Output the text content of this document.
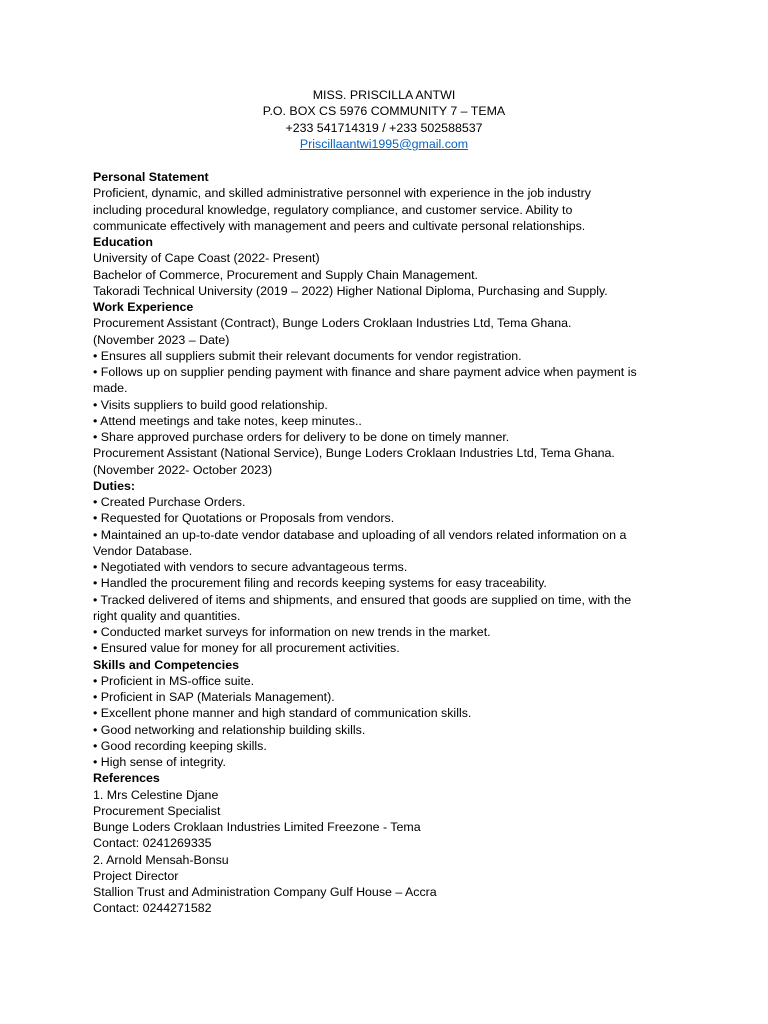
MISS. PRISCILLA ANTWI
P.O. BOX CS 5976 COMMUNITY 7 – TEMA
+233 541714319 / +233 502588537
Priscillaantwi1995@gmail.com
Personal Statement
Proficient, dynamic, and skilled administrative personnel with experience in the job industry
including procedural knowledge, regulatory compliance, and customer service. Ability to
communicate effectively with management and peers and cultivate personal relationships.
Education
University of Cape Coast (2022- Present)
Bachelor of Commerce, Procurement and Supply Chain Management.
Takoradi Technical University (2019 – 2022) Higher National Diploma, Purchasing and Supply.
Work Experience
Procurement Assistant (Contract), Bunge Loders Croklaan Industries Ltd, Tema Ghana.
(November 2023 – Date)
• Ensures all suppliers submit their relevant documents for vendor registration.
• Follows up on supplier pending payment with finance and share payment advice when payment is
made.
• Visits suppliers to build good relationship.
• Attend meetings and take notes, keep minutes..
• Share approved purchase orders for delivery to be done on timely manner.
Procurement Assistant (National Service), Bunge Loders Croklaan Industries Ltd, Tema Ghana.
(November 2022- October 2023)
Duties:
• Created Purchase Orders.
• Requested for Quotations or Proposals from vendors.
• Maintained an up-to-date vendor database and uploading of all vendors related information on a
Vendor Database.
• Negotiated with vendors to secure advantageous terms.
• Handled the procurement filing and records keeping systems for easy traceability.
• Tracked delivered of items and shipments, and ensured that goods are supplied on time, with the
right quality and quantities.
• Conducted market surveys for information on new trends in the market.
• Ensured value for money for all procurement activities.
Skills and Competencies
• Proficient in MS-office suite.
• Proficient in SAP (Materials Management).
• Excellent phone manner and high standard of communication skills.
• Good networking and relationship building skills.
• Good recording keeping skills.
• High sense of integrity.
References
1. Mrs Celestine Djane
Procurement Specialist
Bunge Loders Croklaan Industries Limited Freezone - Tema
Contact: 0241269335
2. Arnold Mensah-Bonsu
Project Director
Stallion Trust and Administration Company Gulf House – Accra
Contact: 0244271582
